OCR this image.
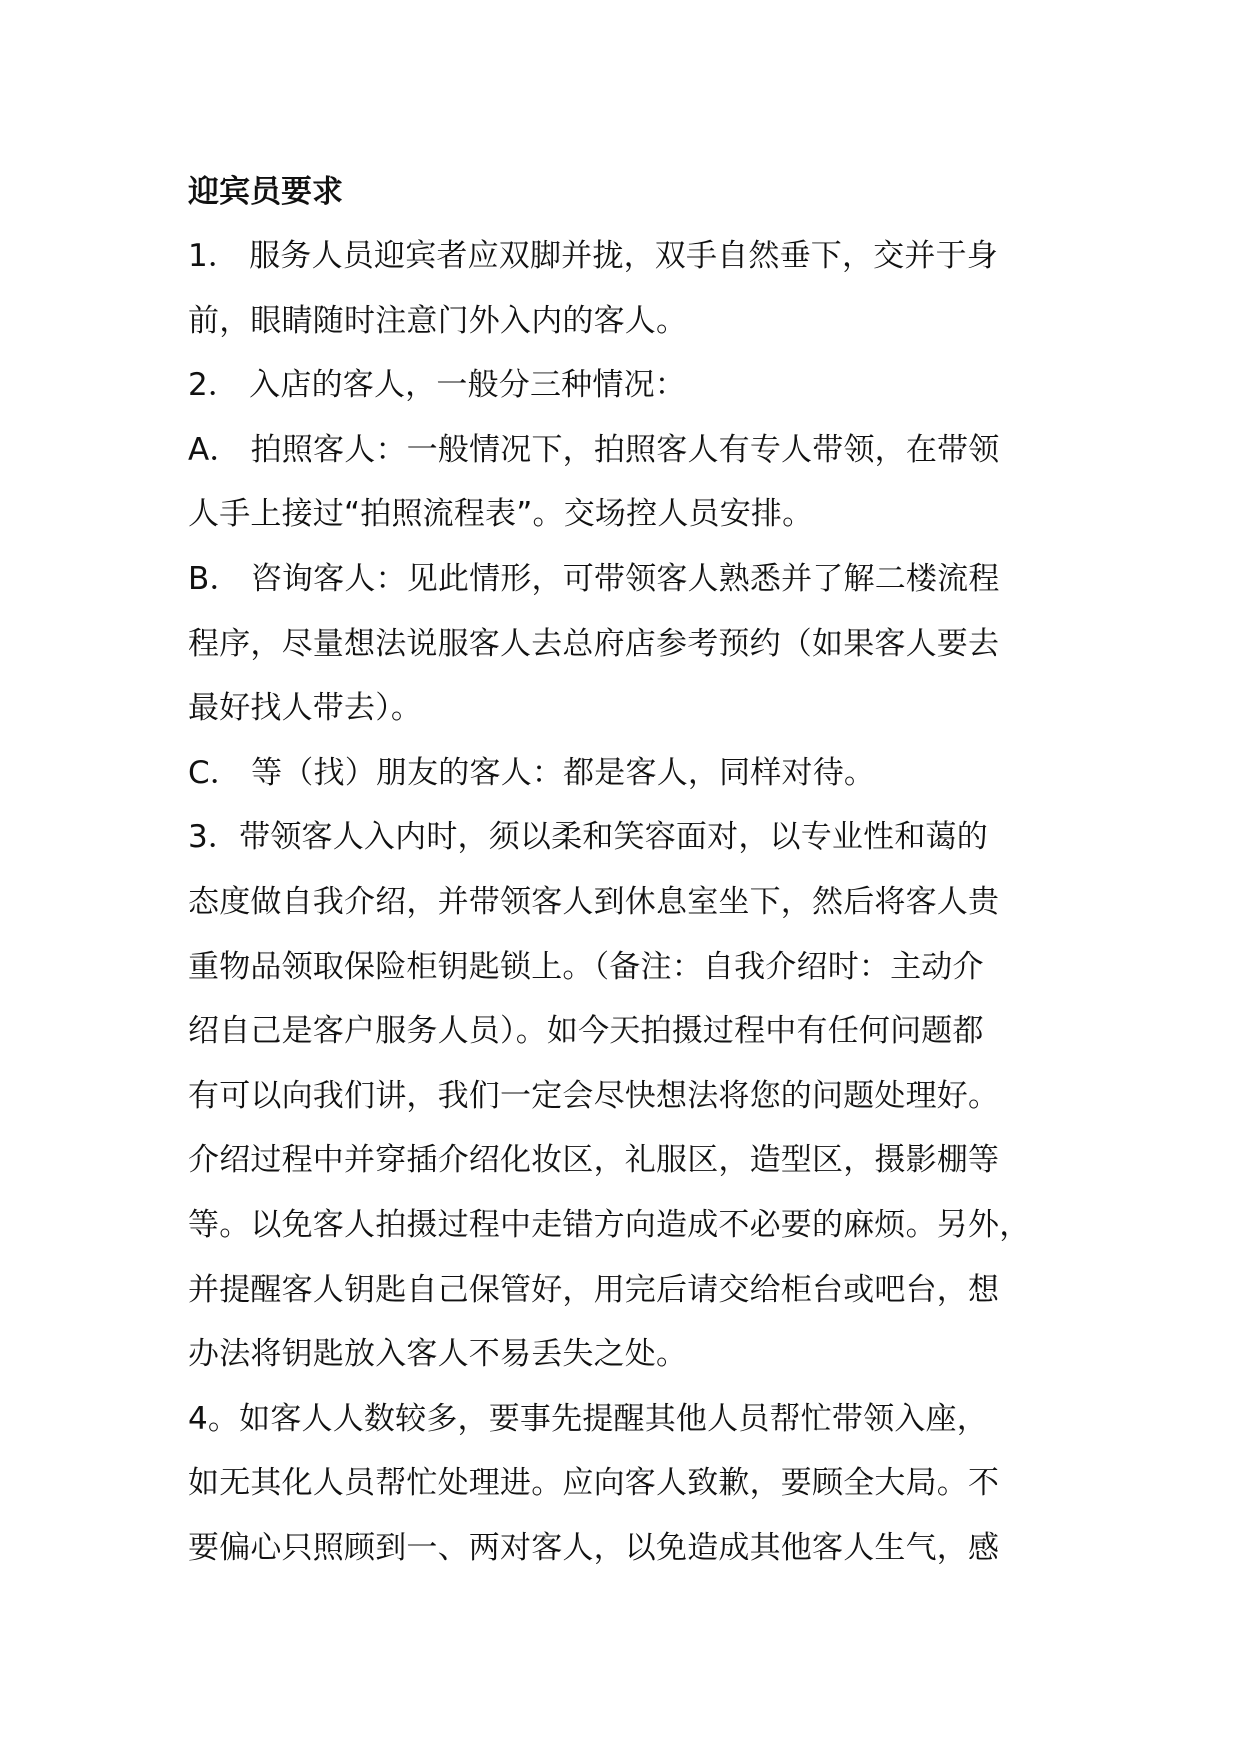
迎宾员要求
1． 服务人员迎宾者应双脚并拢，双手自然垂下，交并于身
前，眼睛随时注意门外入内的客人。
2． 入店的客人，一般分三种情况：
A． 拍照客人：一般情况下，拍照客人有专人带领，在带领
人手上接过“拍照流程表”。交场控人员安排。
B． 咨询客人：见此情形，可带领客人熟悉并了解二楼流程
程序，尽量想法说服客人去总府店参考预约（如果客人要去
最好找人带去）。
C． 等（找）朋友的客人：都是客人，同样对待。
3．带领客人入内时，须以柔和笑容面对，以专业性和蔼的
态度做自我介绍，并带领客人到休息室坐下，然后将客人贵
重物品领取保险柜钥匙锁上。（备注：自我介绍时：主动介
绍自己是客户服务人员）。如今天拍摄过程中有任何问题都
有可以向我们讲，我们一定会尽快想法将您的问题处理好。
介绍过程中并穿插介绍化妆区，礼服区，造型区，摄影棚等
等。以免客人拍摄过程中走错方向造成不必要的麻烦。另外，
并提醒客人钥匙自己保管好，用完后请交给柜台或吧台，想
办法将钥匙放入客人不易丢失之处。
4。如客人人数较多，要事先提醒其他人员帮忙带领入座，
如无其化人员帮忙处理进。应向客人致歉，要顾全大局。不
要偏心只照顾到一、两对客人，以免造成其他客人生气，感
